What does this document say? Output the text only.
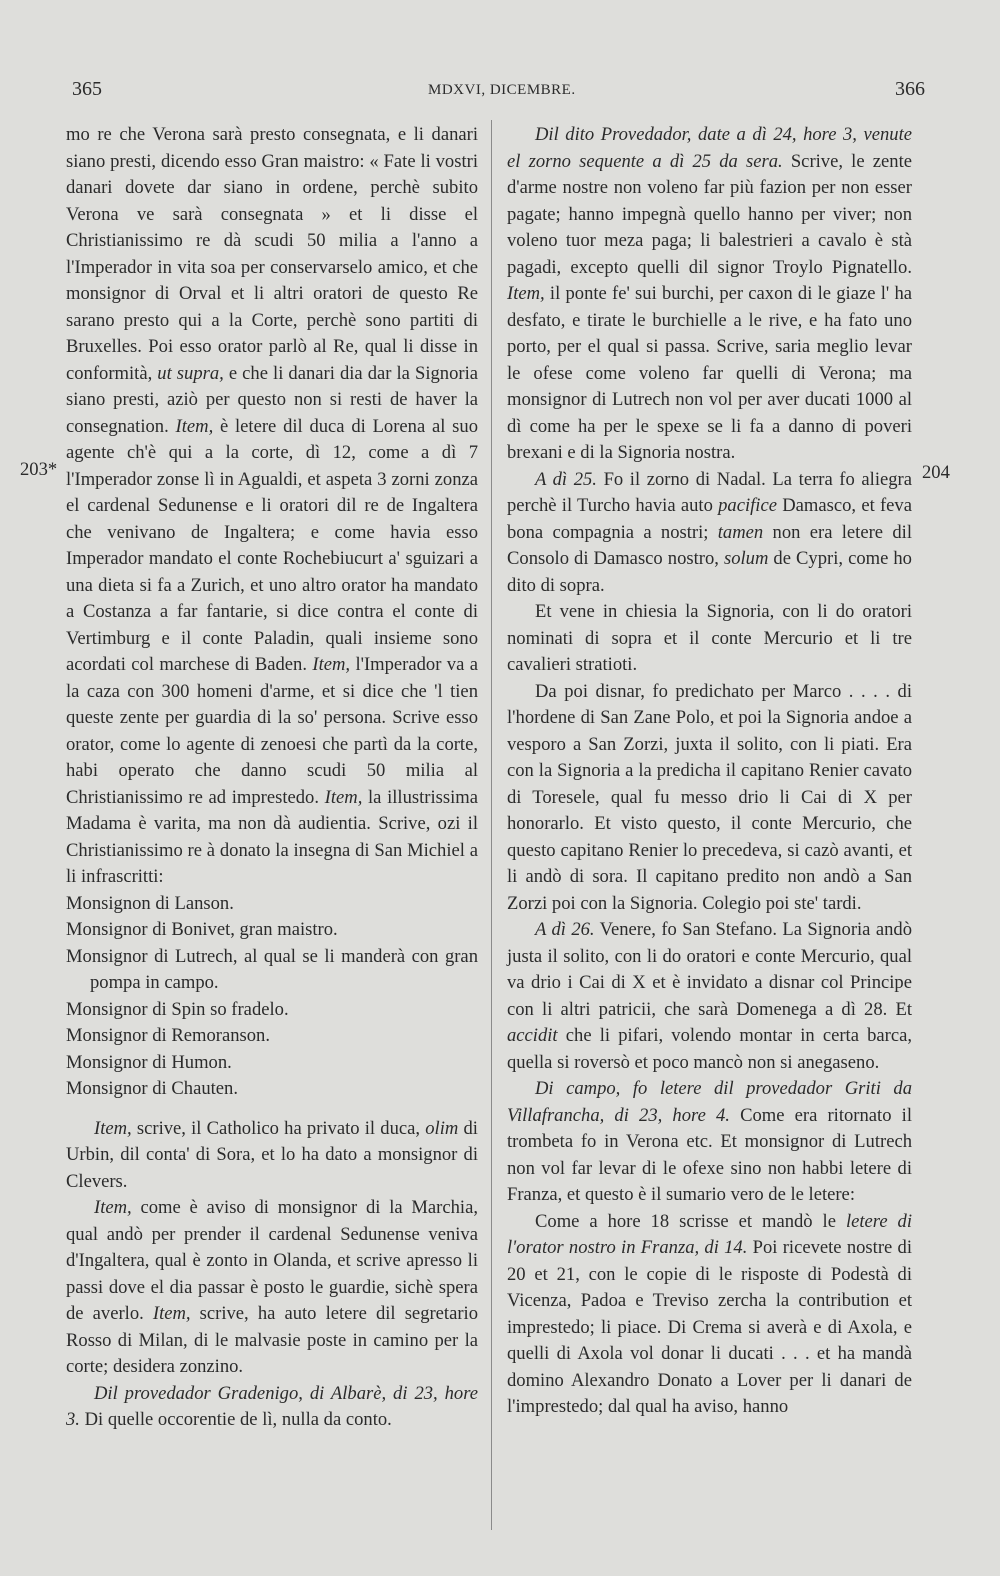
365	MDXVI, DICEMBRE.	366
203*	204

mo re che Verona sarà presto consegnata, e li danari siano presti, dicendo esso Gran maistro: « Fate li vostri danari dovete dar siano in ordene, perchè subito Verona ve sarà consegnata » et li disse el Christianissimo re dà scudi 50 milia a l'anno a l'Imperador in vita soa per conservarselo amico, et che monsignor di Orval et li altri oratori de questo Re sarano presto qui a la Corte, perchè sono partiti di Bruxelles. Poi esso orator parlò al Re, qual li disse in conformità, ut supra, e che li danari dia dar la Signoria siano presti, aziò per questo non si resti de haver la consegnation. Item, è letere dil duca di Lorena al suo agente ch'è qui a la corte, dì 12, come a dì 7 l'Imperador zonse lì in Agualdi, et aspeta 3 zorni zonza el cardenal Sedunense e li oratori dil re de Ingaltera che venivano de Ingaltera; e come havia esso Imperador mandato el conte Rochebiucurt a' sguizari a una dieta si fa a Zurich, et uno altro orator ha mandato a Costanza a far fantarie, si dice contra el conte di Vertimburg e il conte Paladin, quali insieme sono acordati col marchese di Baden. Item, l'Imperador va a la caza con 300 homeni d'arme, et si dice che 'l tien queste zente per guardia di la so' persona. Scrive esso orator, come lo agente di zenoesi che partì da la corte, habi operato che danno scudi 50 milia al Christianissimo re ad imprestedo. Item, la illustrissima Madama è varita, ma non dà audientia. Scrive, ozi il Christianissimo re à donato la insegna di San Michiel a li infrascritti:

Monsignon di Lanson.

Monsignor di Bonivet, gran maistro.

Monsignor di Lutrech, al qual se li manderà con gran pompa in campo.

Monsignor di Spin so fradelo.

Monsignor di Remoranson.

Monsignor di Humon.

Monsignor di Chauten.

Item, scrive, il Catholico ha privato il duca, olim di Urbin, dil conta' di Sora, et lo ha dato a monsignor di Clevers.

Item, come è aviso di monsignor di la Marchia, qual andò per prender il cardenal Sedunense veniva d'Ingaltera, qual è zonto in Olanda, et scrive apresso li passi dove el dia passar è posto le guardie, sichè spera de averlo. Item, scrive, ha auto letere dil segretario Rosso di Milan, di le malvasie poste in camino per la corte; desidera zonzino.

Dil provedador Gradenigo, di Albarè, di 23, hore 3. Di quelle occorentie de lì, nulla da conto.

Dil dito Provedador, date a dì 24, hore 3, venute el zorno sequente a dì 25 da sera. Scrive, le zente d'arme nostre non voleno far più fazion per non esser pagate; hanno impegnà quello hanno per viver; non voleno tuor meza paga; li balestrieri a cavalo è stà pagadi, excepto quelli dil signor Troylo Pignatello. Item, il ponte fe' sui burchi, per caxon di le giaze l' ha desfato, e tirate le burchielle a le rive, e ha fato uno porto, per el qual si passa. Scrive, saria meglio levar le ofese come voleno far quelli di Verona; ma monsignor di Lutrech non vol per aver ducati 1000 al dì come ha per le spexe se li fa a danno di poveri brexani e di la Signoria nostra.

A dì 25. Fo il zorno di Nadal. La terra fo aliegra perchè il Turcho havia auto pacifice Damasco, et feva bona compagnia a nostri; tamen non era letere dil Consolo di Damasco nostro, solum de Cypri, come ho dito di sopra.

Et vene in chiesia la Signoria, con li do oratori nominati di sopra et il conte Mercurio et li tre cavalieri stratioti.

Da poi disnar, fo predichato per Marco . . . . di l'hordene di San Zane Polo, et poi la Signoria andoe a vesporo a San Zorzi, juxta il solito, con li piati. Era con la Signoria a la predicha il capitano Renier cavato di Toresele, qual fu messo drio li Cai di X per honorarlo. Et visto questo, il conte Mercurio, che questo capitano Renier lo precedeva, si cazò avanti, et li andò di sora. Il capitano predito non andò a San Zorzi poi con la Signoria. Colegio poi ste' tardi.

A dì 26. Venere, fo San Stefano. La Signoria andò justa il solito, con li do oratori e conte Mercurio, qual va drio i Cai di X et è invidato a disnar col Principe con li altri patricii, che sarà Domenega a dì 28. Et accidit che li pifari, volendo montar in certa barca, quella si roversò et poco mancò non si anegaseno.

Di campo, fo letere dil provedador Griti da Villafrancha, di 23, hore 4. Come era ritornato il trombeta fo in Verona etc. Et monsignor di Lutrech non vol far levar di le ofexe sino non habbi letere di Franza, et questo è il sumario vero de le letere:

Come a hore 18 scrisse et mandò le letere di l'orator nostro in Franza, di 14. Poi ricevete nostre di 20 et 21, con le copie di le risposte di Podestà di Vicenza, Padoa e Treviso zercha la contribution et imprestedo; li piace. Di Crema si averà e di Axola, e quelli di Axola vol donar li ducati . . . et ha mandà domino Alexandro Donato a Lover per li danari de l'imprestedo; dal qual ha aviso, hanno
